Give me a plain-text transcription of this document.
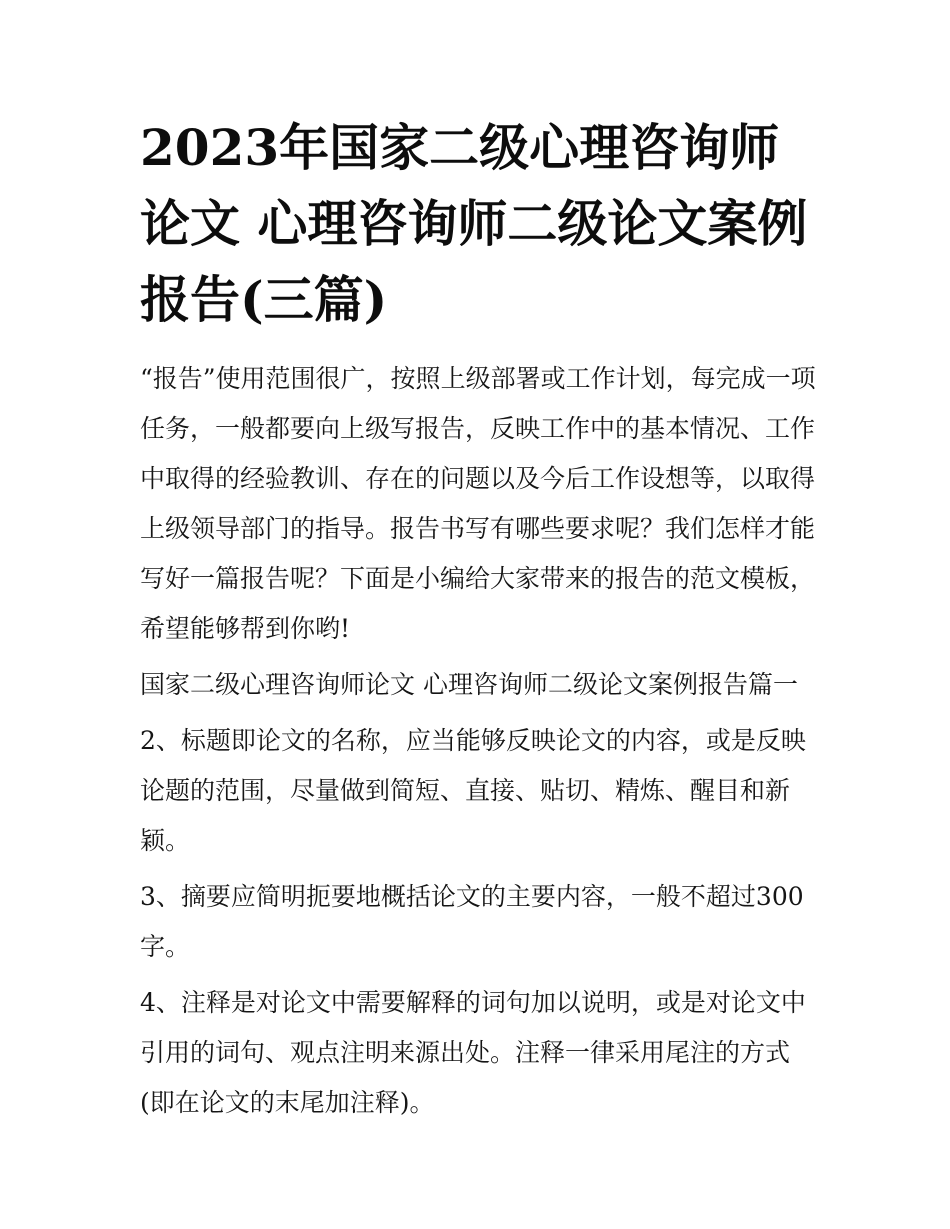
2023年国家二级心理咨询师论文 心理咨询师二级论文案例报告(三篇)

“报告”使用范围很广，按照上级部署或工作计划，每完成一项任务，一般都要向上级写报告，反映工作中的基本情况、工作中取得的经验教训、存在的问题以及今后工作设想等，以取得上级领导部门的指导。报告书写有哪些要求呢？我们怎样才能写好一篇报告呢？下面是小编给大家带来的报告的范文模板，希望能够帮到你哟!

国家二级心理咨询师论文 心理咨询师二级论文案例报告篇一

2、标题即论文的名称，应当能够反映论文的内容，或是反映论题的范围，尽量做到简短、直接、贴切、精炼、醒目和新颖。

3、摘要应简明扼要地概括论文的主要内容，一般不超过300字。

4、注释是对论文中需要解释的词句加以说明，或是对论文中引用的词句、观点注明来源出处。注释一律采用尾注的方式(即在论文的末尾加注释)。
